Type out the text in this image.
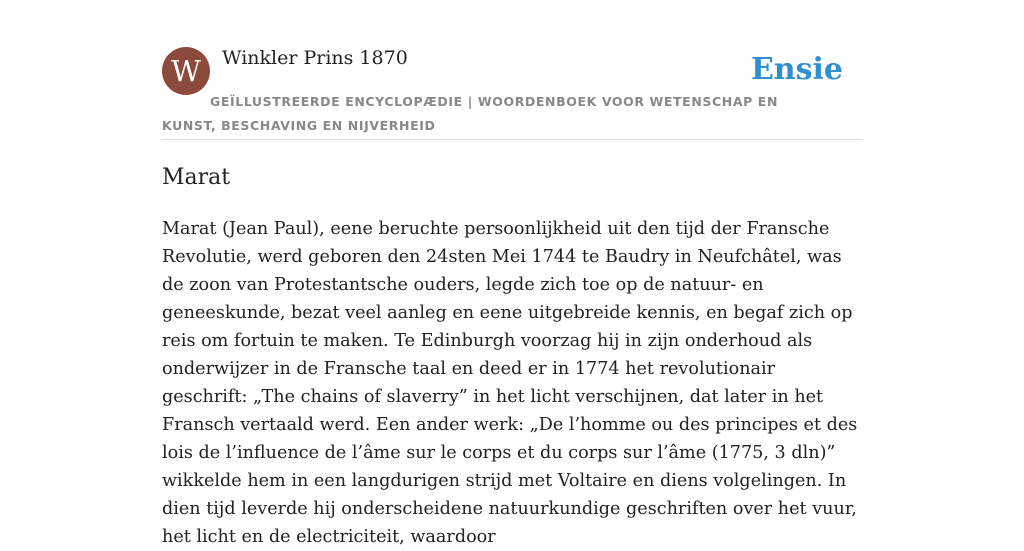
W	Winkler Prins 1870	Ensie
GEÏLLUSTREERDE ENCYCLOPÆDIE | WOORDENBOEK VOOR WETENSCHAP EN KUNST, BESCHAVING EN NIJVERHEID
Marat

Marat (Jean Paul), eene beruchte persoonlijkheid uit den tijd der Fransche Revolutie, werd geboren den 24sten Mei 1744 te Baudry in Neufchâtel, was de zoon van Protestantsche ouders, legde zich toe op de natuur- en geneeskunde, bezat veel aanleg en eene uitgebreide kennis, en begaf zich op reis om fortuin te maken. Te Edinburgh voorzag hij in zijn onderhoud als onderwijzer in de Fransche taal en deed er in 1774 het revolutionair geschrift: „The chains of slaverry” in het licht verschijnen, dat later in het Fransch vertaald werd. Een ander werk: „De l’homme ou des principes et des lois de l’influence de l’âme sur le corps et du corps sur l’âme (1775, 3 dln)” wikkelde hem in een langdurigen strijd met Voltaire en diens volgelingen. In dien tijd leverde hij onderscheidene natuurkundige geschriften over het vuur, het licht en de electriciteit, waardoor
